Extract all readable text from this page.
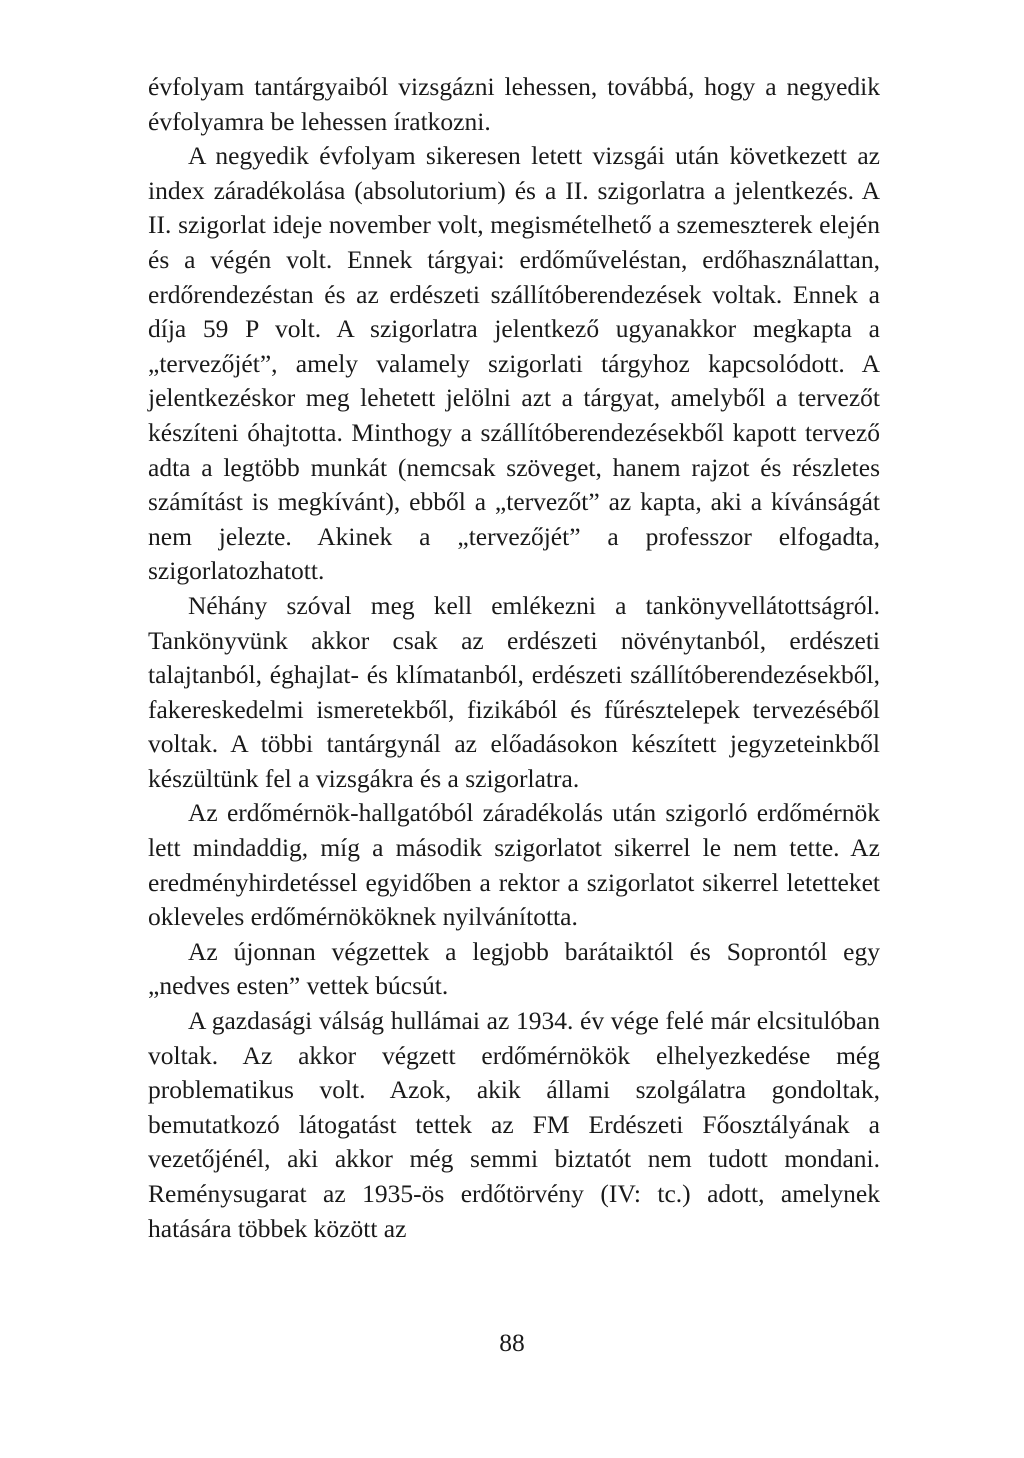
évfolyam tantárgyaiból vizsgázni lehessen, továbbá, hogy a negyedik évfolyamra be lehessen íratkozni.

A negyedik évfolyam sikeresen letett vizsgái után következett az index záradékolása (absolutorium) és a II. szigorlatra a jelentkezés. A II. szigorlat ideje november volt, megismételhető a szemeszterek elején és a végén volt. Ennek tárgyai: erdőműveléstan, erdőhasználattan, erdőrendezéstan és az erdészeti szállítóberendezések voltak. Ennek a díja 59 P volt. A szigorlatra jelentkező ugyanakkor megkapta a „tervezőjét”, amely valamely szigorlati tárgyhoz kapcsolódott. A jelentkezéskor meg lehetett jelölni azt a tárgyat, amelyből a tervezőt készíteni óhajtotta. Minthogy a szállítóberendezésekből kapott tervező adta a legtöbb munkát (nemcsak szöveget, hanem rajzot és részletes számítást is megkívánt), ebből a „tervezőt” az kapta, aki a kívánságát nem jelezte. Akinek a „tervezőjét” a professzor elfogadta, szigorlatozhatott.

Néhány szóval meg kell emlékezni a tankönyvellátottságról. Tankönyvünk akkor csak az erdészeti növénytanból, erdészeti talajtanból, éghajlat- és klímatanból, erdészeti szállítóberendezésekből, fakereskedelmi ismeretekből, fizikából és fűrésztelepek tervezéséből voltak. A többi tantárgynál az előadásokon készített jegyzeteinkből készültünk fel a vizsgákra és a szigorlatra.

Az erdőmérnök-hallgatóból záradékolás után szigorló erdőmérnök lett mindaddig, míg a második szigorlatot sikerrel le nem tette. Az eredményhirdetéssel egyidőben a rektor a szigorlatot sikerrel letetteket okleveles erdőmérnököknek nyilvánította.

Az újonnan végzettek a legjobb barátaiktól és Soprontól egy „nedves esten” vettek búcsút.

A gazdasági válság hullámai az 1934. év vége felé már elcsitulóban voltak. Az akkor végzett erdőmérnökök elhelyezkedése még problematikus volt. Azok, akik állami szolgálatra gondoltak, bemutatkozó látogatást tettek az FM Erdészeti Főosztályának a vezetőjénél, aki akkor még semmi biztatót nem tudott mondani. Reménysugarat az 1935-ös erdőtörvény (IV: tc.) adott, amelynek hatására többek között az

88
